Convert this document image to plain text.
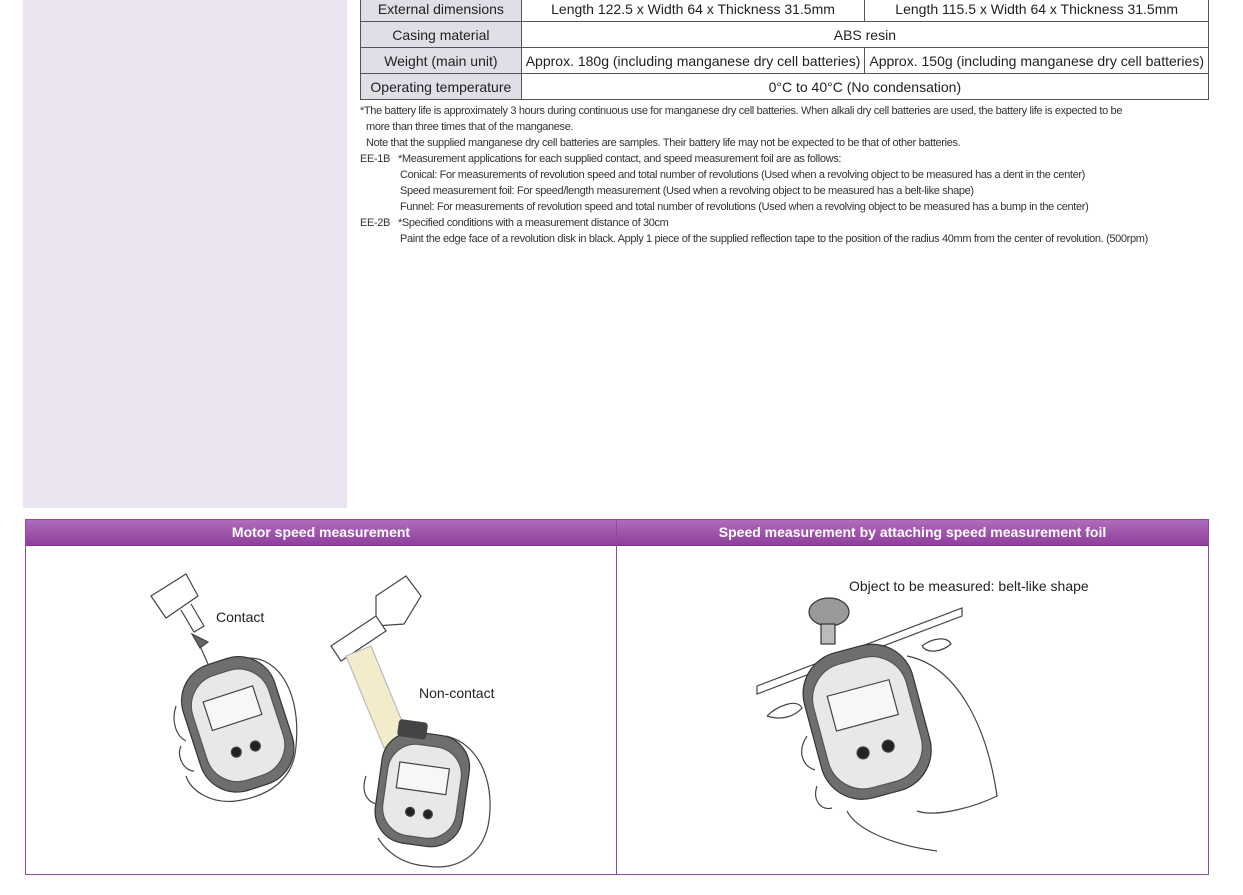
External dimensions	Length 122.5 x Width 64 x Thickness 31.5mm	Length 115.5 x Width 64 x Thickness 31.5mm
Casing material	ABS resin	
Weight (main unit)	Approx. 180g (including manganese dry cell batteries)	Approx. 150g (including manganese dry cell batteries)
Operating temperature	0°C to 40°C (No condensation)	
*The battery life is approximately 3 hours during continuous use for manganese dry cell batteries. When alkali dry cell batteries are used, the battery life is expected to be
more than three times that of the manganese.
Note that the supplied manganese dry cell batteries are samples. Their battery life may not be expected to be that of other batteries.
EE-1B *Measurement applications for each supplied contact, and speed measurement foil are as follows:
Conical: For measurements of revolution speed and total number of revolutions (Used when a revolving object to be measured has a dent in the center)
Speed measurement foil: For speed/length measurement (Used when a revolving object to be measured has a belt-like shape)
Funnel: For measurements of revolution speed and total number of revolutions (Used when a revolving object to be measured has a bump in the center)
EE-2B *Specified conditions with a measurement distance of 30cm
Paint the edge face of a revolution disk in black. Apply 1 piece of the supplied reflection tape to the position of the radius 40mm from the center of revolution. (500rpm)
Motor speed measurement
Contact
Non-contact
Speed measurement by attaching speed measurement foil
Object to be measured: belt-like shape
